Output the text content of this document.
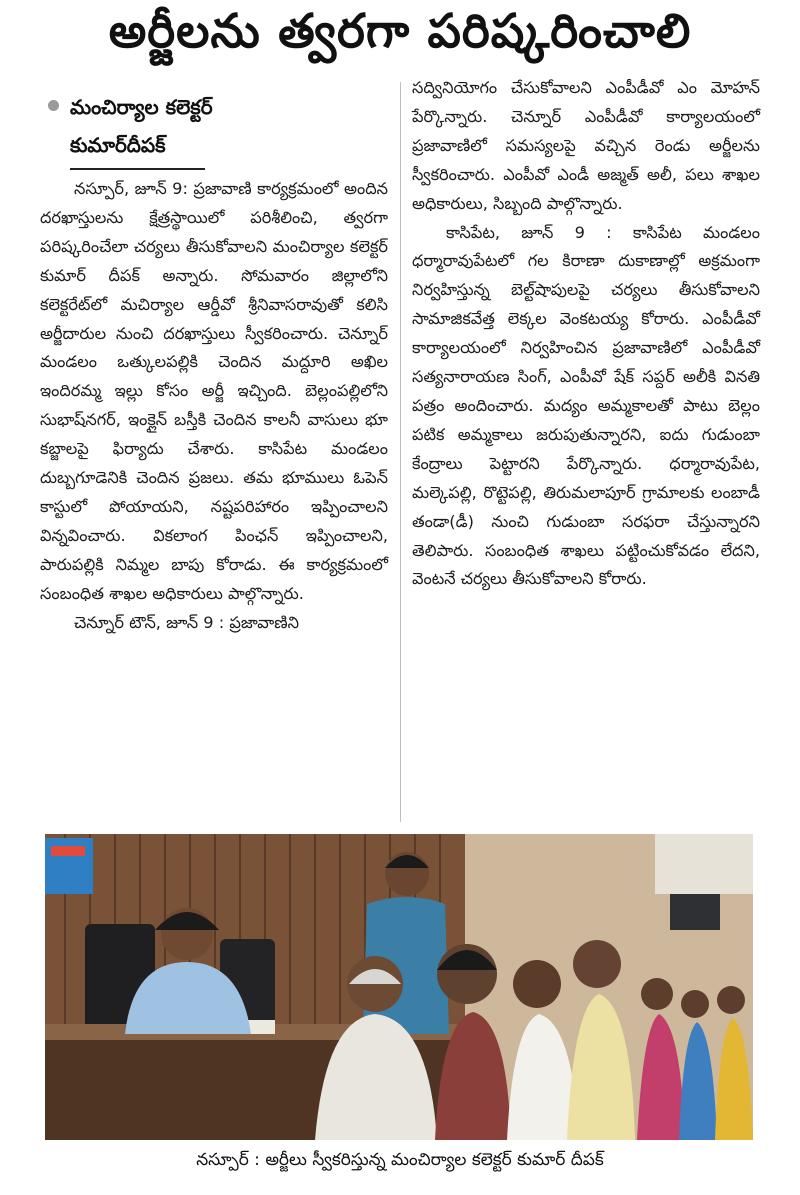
అర్జీలను త్వరగా పరిష్కరించాలి
మంచిర్యాల కలెక్టర్
కుమార్‌దీపక్

నస్పూర్, జూన్ 9: ప్రజావాణి కార్యక్రమంలో అందిన దరఖాస్తులను క్షేత్రస్థాయిలో పరిశీలించి, త్వరగా పరిష్కరించేలా చర్యలు తీసుకోవాలని మంచిర్యాల కలెక్టర్ కుమార్ దీపక్ అన్నారు. సోమవారం జిల్లాలోని కలెక్టరేట్‌లో మచిర్యాల ఆర్డీవో శ్రీనివాసరావుతో కలిసి అర్జీదారుల నుంచి దరఖాస్తులు స్వీకరించారు. చెన్నూర్ మండలం ఒత్కులపల్లికి చెందిన మద్దూరి అఖిల ఇందిరమ్మ ఇల్లు కోసం అర్జీ ఇచ్చింది. బెల్లంపల్లిలోని సుభాష్‌నగర్, ఇంక్లైన్ బస్తీకి చెందిన కాలనీ వాసులు భూ కబ్జాలపై ఫిర్యాదు చేశారు. కాసిపేట మండలం దుబ్బగూడెనికి చెందిన ప్రజలు. తమ భూములు ఓపెన్ కాస్టులో పోయాయని, నష్టపరిహారం ఇప్పించాలని విన్నవించారు. వికలాంగ పింఛన్ ఇప్పించాలని, పారుపల్లికి నిమ్మల బాపు కోరాడు. ఈ కార్యక్రమంలో సంబంధిత శాఖల అధికారులు పాల్గొన్నారు.

చెన్నూర్ టౌన్, జూన్ 9 : ప్రజావాణిని

సద్వినియోగం చేసుకోవాలని ఎంపీడీవో ఎం మోహన్ పేర్కొన్నారు. చెన్నూర్ ఎంపీడీవో కార్యాలయంలో ప్రజావాణిలో సమస్యలపై వచ్చిన రెండు అర్జీలను స్వీకరించారు. ఎంపీవో ఎండీ అజ్మత్ అలీ, పలు శాఖల అధికారులు, సిబ్బంది పాల్గొన్నారు.

కాసిపేట, జూన్ 9 : కాసిపేట మండలం ధర్మారావుపేటలో గల కిరాణా దుకాణాల్లో అక్రమంగా నిర్వహిస్తున్న బెల్ట్‌షాపులపై చర్యలు తీసుకోవాలని సామాజికవేత్త లెక్కల వెంకటయ్య కోరారు. ఎంపీడీవో కార్యాలయంలో నిర్వహించిన ప్రజావాణిలో ఎంపీడీవో సత్యనారాయణ సింగ్, ఎంపీవో షేక్ సప్దర్ అలీకి వినతి పత్రం అందించారు. మద్యం అమ్మకాలతో పాటు బెల్లం పటిక అమ్మకాలు జరుపుతున్నారని, ఐదు గుడుంబా కేంద్రాలు పెట్టారని పేర్కొన్నారు. ధర్మారావుపేట, మల్కెపల్లి, రొట్టెపల్లి, తిరుమలాపూర్ గ్రామాలకు లంబాడీ తండా(డీ) నుంచి గుడుంబా సరఫరా చేస్తున్నారని తెలిపారు. సంబంధిత శాఖలు పట్టించుకోవడం లేదని, వెంటనే చర్యలు తీసుకోవాలని కోరారు.

నస్పూర్ : అర్జీలు స్వీకరిస్తున్న మంచిర్యాల కలెక్టర్ కుమార్ దీపక్
